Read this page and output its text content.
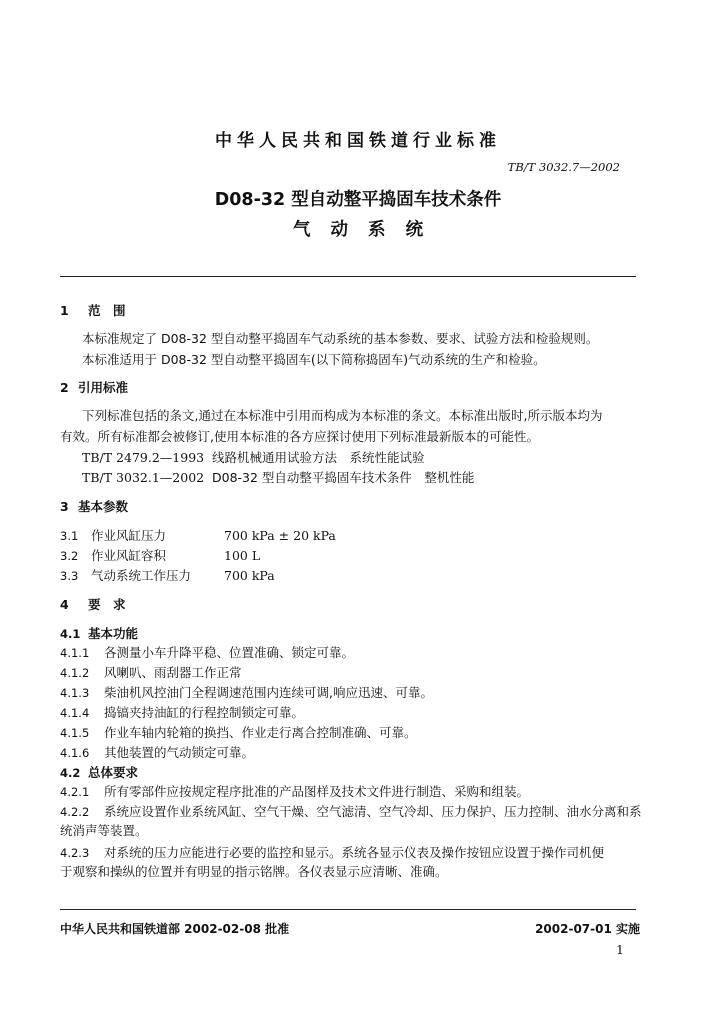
中华人民共和国铁道行业标准
TB/T 3032.7—2002
D08-32 型自动整平捣固车技术条件
气 动 系 统
1 范　围
本标准规定了 D08-32 型自动整平捣固车气动系统的基本参数、要求、试验方法和检验规则。
本标准适用于 D08-32 型自动整平捣固车(以下简称捣固车)气动系统的生产和检验。
2 引用标准
下列标准包括的条文,通过在本标准中引用而构成为本标准的条文。本标准出版时,所示版本均为
有效。所有标准都会被修订,使用本标准的各方应探讨使用下列标准最新版本的可能性。
TB/T 2479.2—1993 线路机械通用试验方法　系统性能试验
TB/T 3032.1—2002 D08-32 型自动整平捣固车技术条件　整机性能
3 基本参数
3.1 作业风缸压力	700 kPa ± 20 kPa
3.2 作业风缸容积	100 L
3.3 气动系统工作压力	700 kPa
4 要　求
4.1 基本功能
4.1.1 各测量小车升降平稳、位置准确、锁定可靠。
4.1.2 风喇叭、雨刮器工作正常
4.1.3 柴油机风控油门全程调速范围内连续可调,响应迅速、可靠。
4.1.4 捣镐夹持油缸的行程控制锁定可靠。
4.1.5 作业车轴内轮箱的换挡、作业走行离合控制准确、可靠。
4.1.6 其他装置的气动锁定可靠。
4.2 总体要求
4.2.1 所有零部件应按规定程序批准的产品图样及技术文件进行制造、采购和组装。
4.2.2 系统应设置作业系统风缸、空气干燥、空气滤清、空气冷却、压力保护、压力控制、油水分离和系
统消声等装置。
4.2.3 对系统的压力应能进行必要的监控和显示。系统各显示仪表及操作按钮应设置于操作司机便
于观察和操纵的位置并有明显的指示铭牌。各仪表显示应清晰、准确。
中华人民共和国铁道部 2002-02-08 批准	2002-07-01 实施
1
